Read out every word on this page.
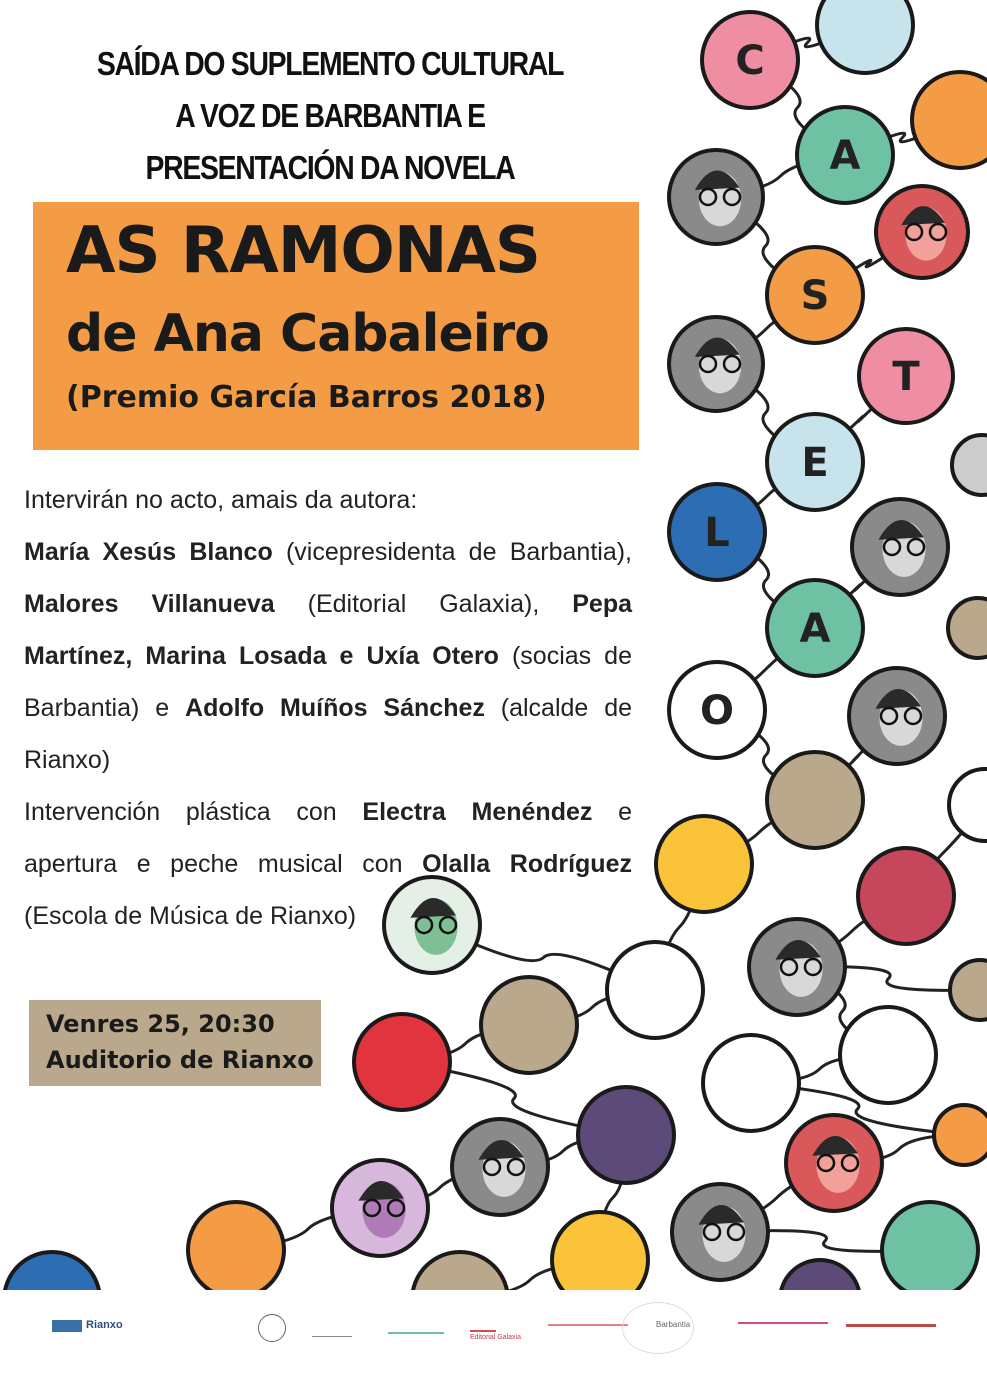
C
A
S
T
E
L
A
O
SAÍDA DO SUPLEMENTO CULTURAL
A VOZ DE BARBANTIA E
PRESENTACIÓN DA NOVELA
AS RAMONAS
de Ana Cabaleiro
(Premio García Barros 2018)
Intervirán no acto, amais da autora:
María Xesús Blanco (vicepresidenta de Barbantia), Malores Villanueva (Editorial Galaxia), Pepa Martínez, Marina Losada e Uxía Otero (socias de Barbantia) e Adolfo Muíños Sánchez (alcalde de Rianxo)
Intervención plástica con Electra Menéndez e apertura e peche musical con Olalla Rodríguez (Escola de Música de Rianxo)
Venres 25, 20:30
Auditorio de Rianxo
Rianxo
Editorial Galaxia
Barbantia
